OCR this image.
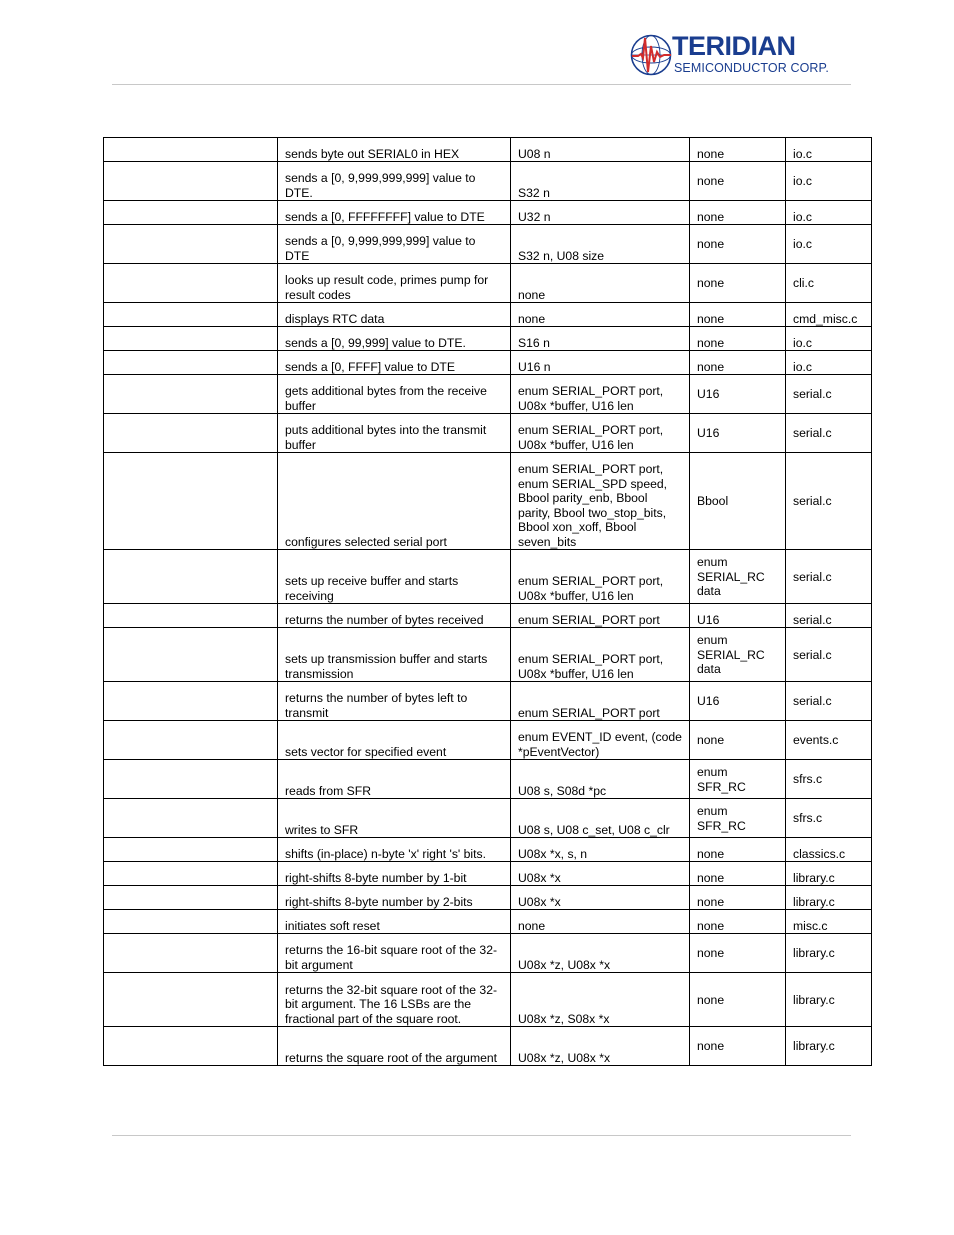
TERIDIAN
SEMICONDUCTOR CORP.
	sends byte out SERIAL0 in HEX	U08 n	none	io.c
	sends a [0, 9,999,999,999] value to DTE.	S32 n	none	io.c
	sends a [0, FFFFFFFF] value to DTE	U32 n	none	io.c
	sends a [0, 9,999,999,999] value to DTE	S32 n, U08 size	none	io.c
	looks up result code, primes pump for result codes	none	none	cli.c
	displays RTC data	none	none	cmd_misc.c
	sends a [0, 99,999] value to DTE.	S16 n	none	io.c
	sends a [0, FFFF] value to DTE	U16 n	none	io.c
	gets additional bytes from the receive buffer	enum SERIAL_PORT port, U08x *buffer, U16 len	U16	serial.c
	puts additional bytes into the transmit buffer	enum SERIAL_PORT port, U08x *buffer, U16 len	U16	serial.c
	configures selected serial port	enum SERIAL_PORT port, enum SERIAL_SPD speed, Bbool parity_enb, Bbool parity, Bbool two_stop_bits, Bbool xon_xoff, Bbool seven_bits	Bbool	serial.c
	sets up receive buffer and starts receiving	enum SERIAL_PORT port, U08x *buffer, U16 len	enum SERIAL_RC data	serial.c
	returns the number of bytes received	enum SERIAL_PORT port	U16	serial.c
	sets up transmission buffer and starts transmission	enum SERIAL_PORT port, U08x *buffer, U16 len	enum SERIAL_RC data	serial.c
	returns the number of bytes left to transmit	enum SERIAL_PORT port	U16	serial.c
	sets vector for specified event	enum EVENT_ID event, (code *pEventVector)	none	events.c
	reads from SFR	U08 s, S08d *pc	enum SFR_RC	sfrs.c
	writes to SFR	U08 s, U08 c_set, U08 c_clr	enum SFR_RC	sfrs.c
	shifts (in-place) n-byte 'x' right 's' bits.	U08x *x, s, n	none	classics.c
	right-shifts 8-byte number by 1-bit	U08x *x	none	library.c
	right-shifts 8-byte number by 2-bits	U08x *x	none	library.c
	initiates soft reset	none	none	misc.c
	returns the 16-bit square root of the 32-bit argument	U08x *z, U08x *x	none	library.c
	returns the 32-bit square root of the 32-bit argument. The 16 LSBs are the fractional part of the square root.	U08x *z, S08x *x	none	library.c
	returns the square root of the argument	U08x *z, U08x *x	none	library.c
